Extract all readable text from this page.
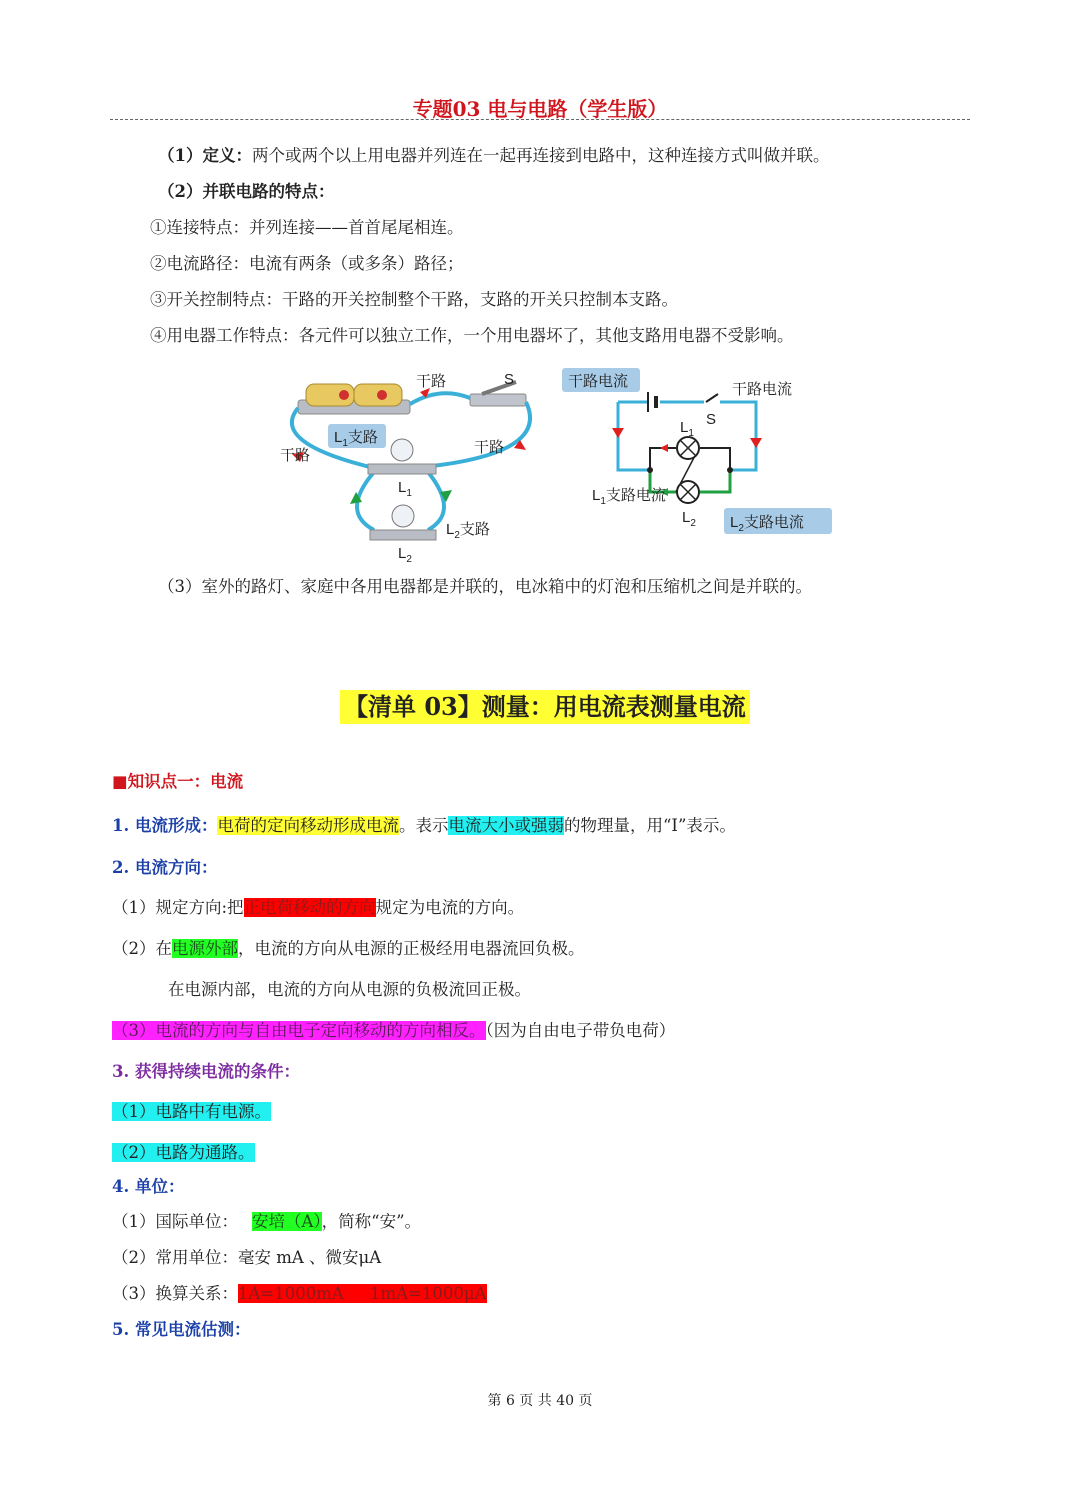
专题03 电与电路（学生版）
（1）定义：两个或两个以上用电器并列连在一起再连接到电路中，这种连接方式叫做并联。
（2）并联电路的特点：
①连接特点：并列连接——首首尾尾相连。
②电流路径：电流有两条（或多条）路径；
③开关控制特点：干路的开关控制整个干路，支路的开关只控制本支路。
④用电器工作特点：各元件可以独立工作，一个用电器坏了，其他支路用电器不受影响。
干路	S
$L_1$支路
干路	干路
$L_1$
$L_2$支路
$L_2$
干路电流	干路电流
S
$L_1$
$L_1$支路电流
$L_2$ $L_2$支路电流
（3）室外的路灯、家庭中各用电器都是并联的，电冰箱中的灯泡和压缩机之间是并联的。
【清单 03】测量：用电流表测量电流
■知识点一：电流
1. 电流形成：电荷的定向移动形成电流。表示电流大小或强弱的物理量，用“I”表示。
2. 电流方向：
（1）规定方向:把正电荷移动的方向规定为电流的方向。
（2）在电源外部，电流的方向从电源的正极经用电器流回负极。
在电源内部，电流的方向从电源的负极流回正极。
（3）电流的方向与自由电子定向移动的方向相反。（因为自由电子带负电荷）
3. 获得持续电流的条件：
（1）电路中有电源。
（2）电路为通路。
4. 单位：
（1）国际单位： 安培（A），简称“安”。
（2）常用单位：毫安 mA 、微安μA
（3）换算关系：1A=1000mA     1mA=1000μA
5. 常见电流估测：
第 6 页 共 40 页
